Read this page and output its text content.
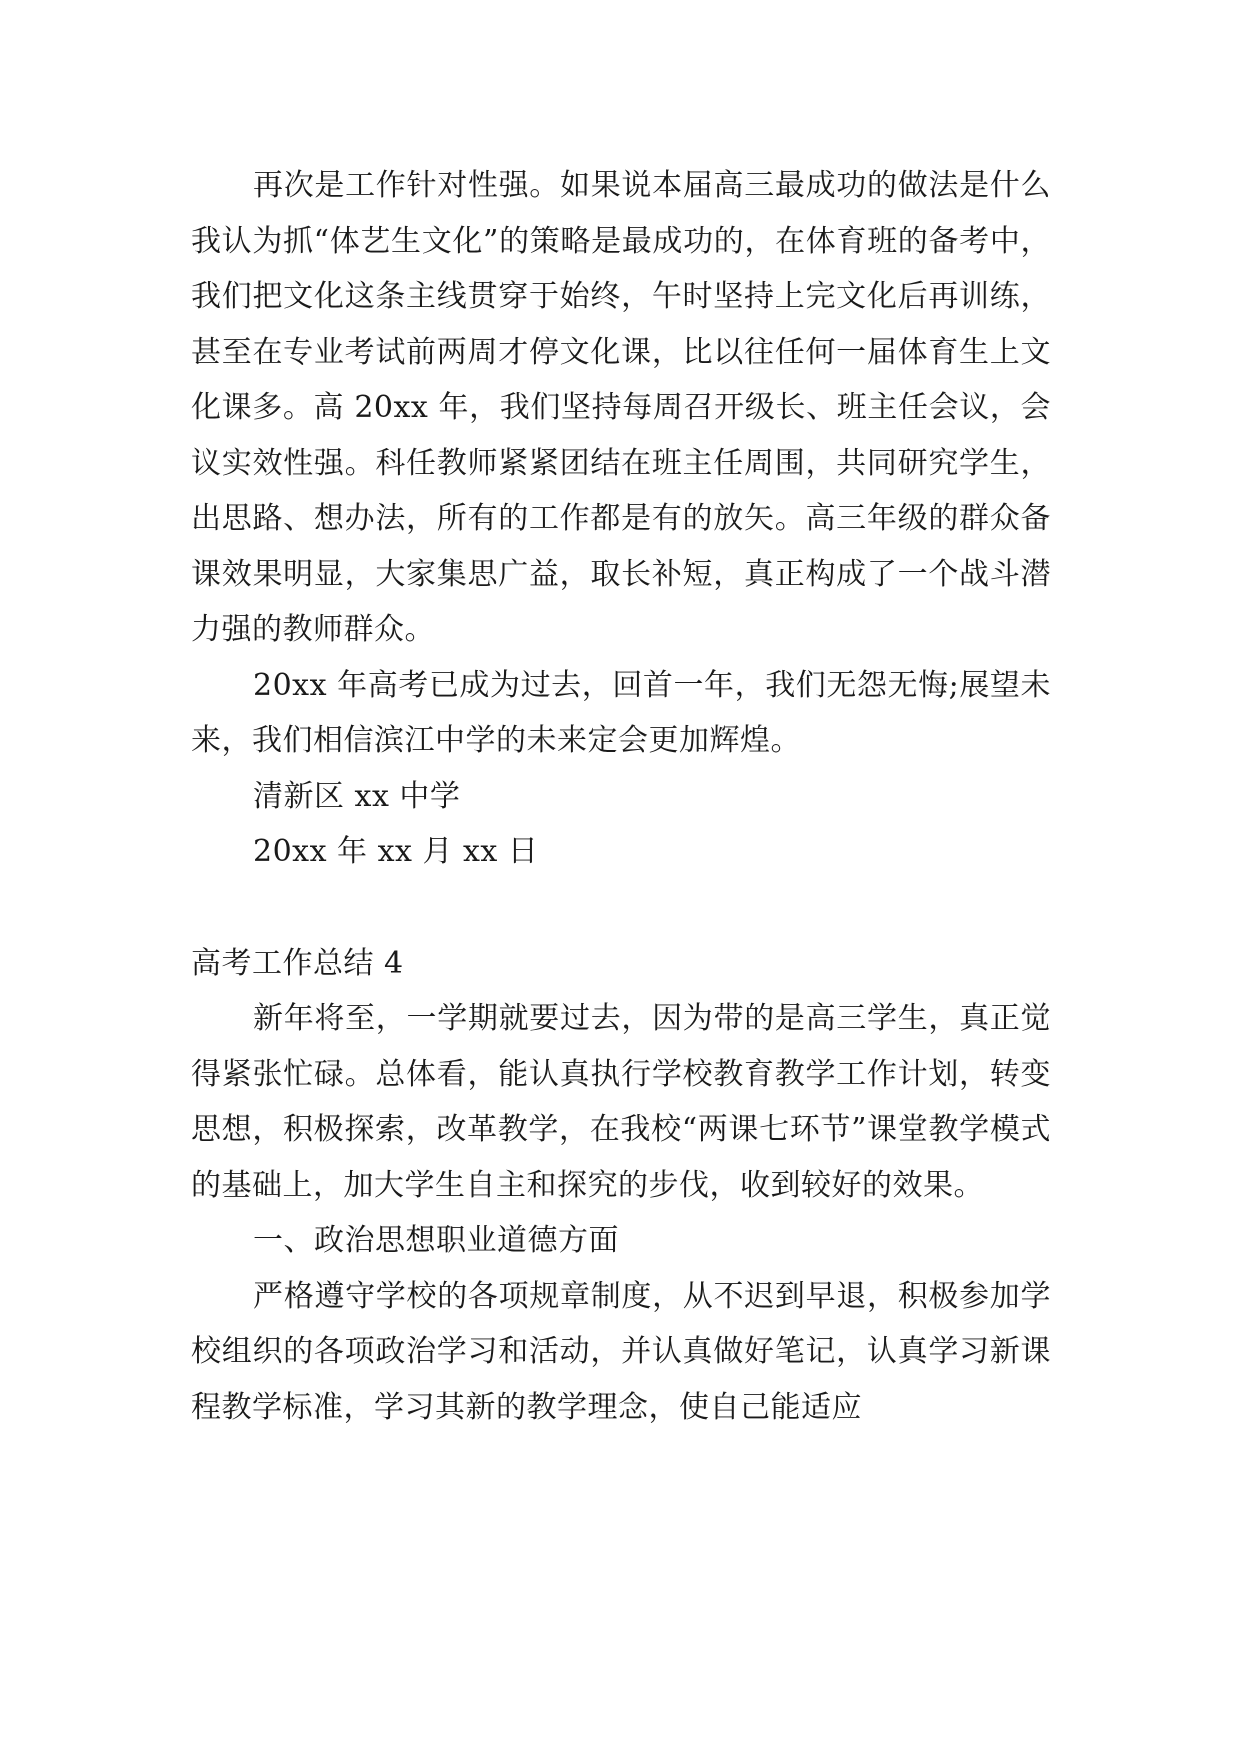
再次是工作针对性强。如果说本届高三最成功的做法是什么我认为抓“体艺生文化”的策略是最成功的，在体育班的备考中，我们把文化这条主线贯穿于始终，午时坚持上完文化后再训练，甚至在专业考试前两周才停文化课，比以往任何一届体育生上文化课多。高 20xx 年，我们坚持每周召开级长、班主任会议，会议实效性强。科任教师紧紧团结在班主任周围，共同研究学生，出思路、想办法，所有的工作都是有的放矢。高三年级的群众备课效果明显，大家集思广益，取长补短，真正构成了一个战斗潜力强的教师群众。

20xx 年高考已成为过去，回首一年，我们无怨无悔;展望未来，我们相信滨江中学的未来定会更加辉煌。

清新区 xx 中学

20xx 年 xx 月 xx 日

高考工作总结 4

新年将至，一学期就要过去，因为带的是高三学生，真正觉得紧张忙碌。总体看，能认真执行学校教育教学工作计划，转变思想，积极探索，改革教学，在我校“两课七环节”课堂教学模式的基础上，加大学生自主和探究的步伐，收到较好的效果。

一、政治思想职业道德方面

严格遵守学校的各项规章制度，从不迟到早退，积极参加学校组织的各项政治学习和活动，并认真做好笔记，认真学习新课程教学标准，学习其新的教学理念，使自己能适应
